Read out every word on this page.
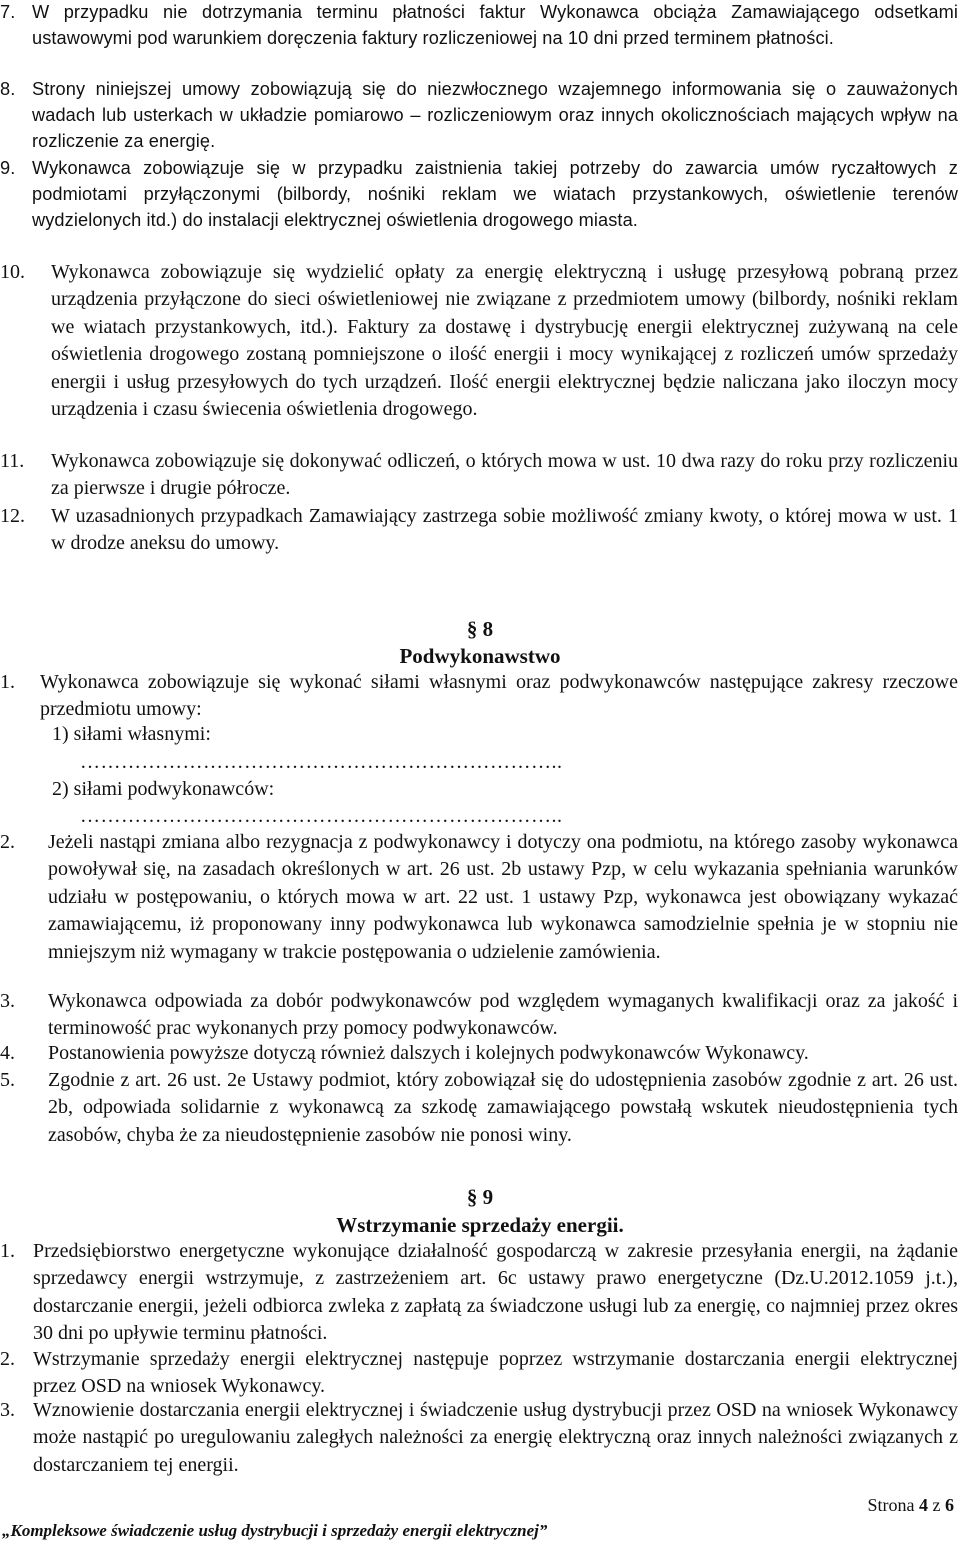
7. W przypadku nie dotrzymania terminu płatności faktur Wykonawca obciąża Zamawiającego odsetkami ustawowymi pod warunkiem doręczenia faktury rozliczeniowej na 10 dni przed terminem płatności.
8. Strony niniejszej umowy zobowiązują się do niezwłocznego wzajemnego informowania się o zauważonych wadach lub usterkach w układzie pomiarowo – rozliczeniowym oraz innych okolicznościach mających wpływ na rozliczenie za energię.
9. Wykonawca zobowiązuje się w przypadku zaistnienia takiej potrzeby do zawarcia umów ryczałtowych z podmiotami przyłączonymi (bilbordy, nośniki reklam we wiatach przystankowych, oświetlenie terenów wydzielonych itd.) do instalacji elektrycznej oświetlenia drogowego miasta.
10. Wykonawca zobowiązuje się wydzielić opłaty za energię elektryczną i usługę przesyłową pobraną przez urządzenia przyłączone do sieci oświetleniowej nie związane z przedmiotem umowy (bilbordy, nośniki reklam we wiatach przystankowych, itd.). Faktury za dostawę i dystrybucję energii elektrycznej zużywaną na cele oświetlenia drogowego zostaną pomniejszone o ilość energii i mocy wynikającej z rozliczeń umów sprzedaży energii i usług przesyłowych do tych urządzeń. Ilość energii elektrycznej będzie naliczana jako iloczyn mocy urządzenia i czasu świecenia oświetlenia drogowego.
11. Wykonawca zobowiązuje się dokonywać odliczeń, o których mowa w ust. 10 dwa razy do roku przy rozliczeniu za pierwsze i drugie półrocze.
12. W uzasadnionych przypadkach Zamawiający zastrzega sobie możliwość zmiany kwoty, o której mowa w ust. 1 w drodze aneksu do umowy.
§ 8
Podwykonawstwo
1. Wykonawca zobowiązuje się wykonać siłami własnymi oraz podwykonawców następujące zakresy rzeczowe przedmiotu umowy:
1) siłami własnymi:
……………………………………………………………..
2) siłami podwykonawców:
……………………………………………………………..
2. Jeżeli nastąpi zmiana albo rezygnacja z podwykonawcy i dotyczy ona podmiotu, na którego zasoby wykonawca powoływał się, na zasadach określonych w art. 26 ust. 2b ustawy Pzp, w celu wykazania spełniania warunków udziału w postępowaniu, o których mowa w art. 22 ust. 1 ustawy Pzp, wykonawca jest obowiązany wykazać zamawiającemu, iż proponowany inny podwykonawca lub wykonawca samodzielnie spełnia je w stopniu nie mniejszym niż wymagany w trakcie postępowania o udzielenie zamówienia.
3. Wykonawca odpowiada za dobór podwykonawców pod względem wymaganych kwalifikacji oraz za jakość i terminowość prac wykonanych przy pomocy podwykonawców.
4. Postanowienia powyższe dotyczą również dalszych i kolejnych podwykonawców Wykonawcy.
5. Zgodnie z art. 26 ust. 2e Ustawy podmiot, który zobowiązał się do udostępnienia zasobów zgodnie z art. 26 ust. 2b, odpowiada solidarnie z wykonawcą za szkodę zamawiającego powstałą wskutek nieudostępnienia tych zasobów, chyba że za nieudostępnienie zasobów nie ponosi winy.
§ 9
Wstrzymanie sprzedaży energii.
1. Przedsiębiorstwo energetyczne wykonujące działalność gospodarczą w zakresie przesyłania energii, na żądanie sprzedawcy energii wstrzymuje, z zastrzeżeniem art. 6c ustawy prawo energetyczne (Dz.U.2012.1059 j.t.), dostarczanie energii, jeżeli odbiorca zwleka z zapłatą za świadczone usługi lub za energię, co najmniej przez okres 30 dni po upływie terminu płatności.
2. Wstrzymanie sprzedaży energii elektrycznej następuje poprzez wstrzymanie dostarczania energii elektrycznej przez OSD na wniosek Wykonawcy.
3. Wznowienie dostarczania energii elektrycznej i świadczenie usług dystrybucji przez OSD na wniosek Wykonawcy może nastąpić po uregulowaniu zaległych należności za energię elektryczną oraz innych należności związanych z dostarczaniem tej energii.
Strona 4 z 6
„Kompleksowe świadczenie usług dystrybucji i sprzedaży energii elektrycznej”
